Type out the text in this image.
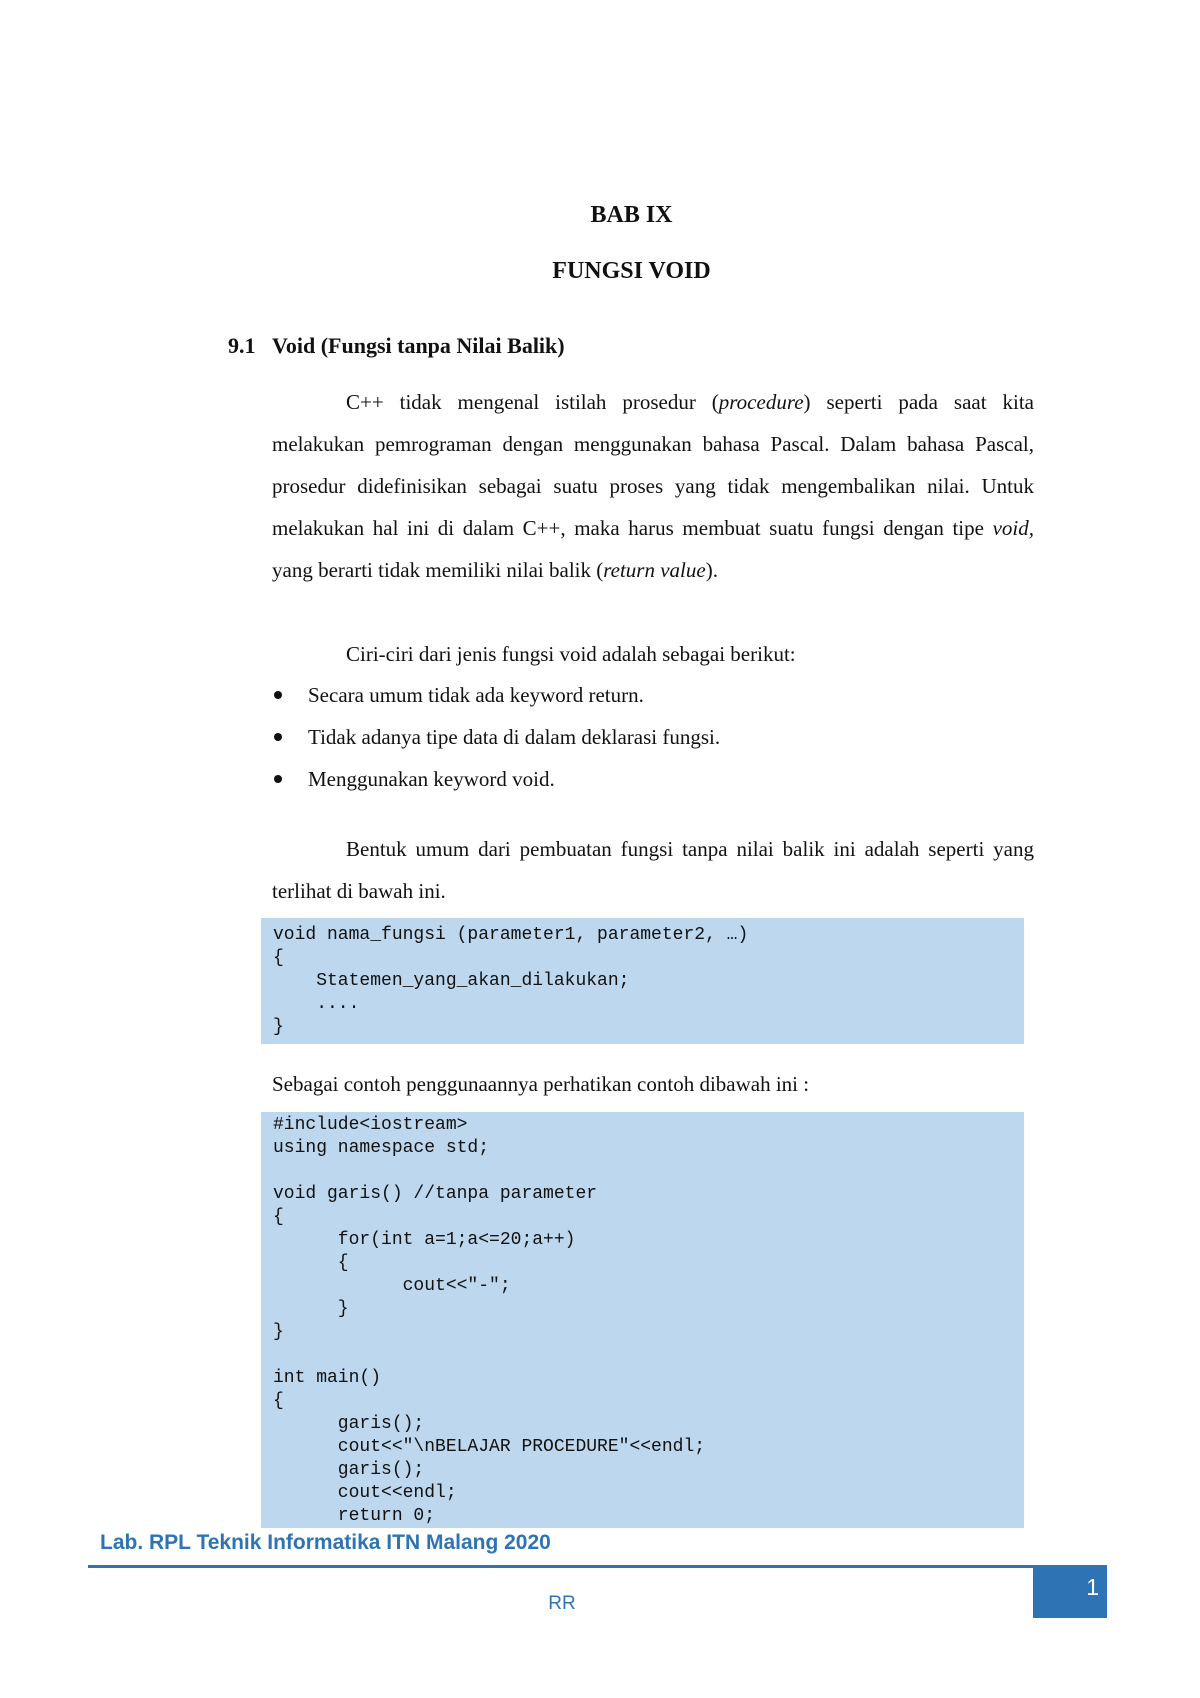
BAB IX
FUNGSI VOID
9.1 Void (Fungsi tanpa Nilai Balik)

C++ tidak mengenal istilah prosedur (procedure) seperti pada saat kita melakukan pemrograman dengan menggunakan bahasa Pascal. Dalam bahasa Pascal, prosedur didefinisikan sebagai suatu proses yang tidak mengembalikan nilai. Untuk melakukan hal ini di dalam C++, maka harus membuat suatu fungsi dengan tipe void, yang berarti tidak memiliki nilai balik (return value).

Ciri-ciri dari jenis fungsi void adalah sebagai berikut:
Secara umum tidak ada keyword return.
Tidak adanya tipe data di dalam deklarasi fungsi.
Menggunakan keyword void.

Bentuk umum dari pembuatan fungsi tanpa nilai balik ini adalah seperti yang terlihat di bawah ini.

void nama_fungsi (parameter1, parameter2, …)
{
Statemen_yang_akan_dilakukan;
....
}
Sebagai contoh penggunaannya perhatikan contoh dibawah ini :
#include<iostream>
using namespace std;

void garis() //tanpa parameter
{
for(int a=1;a<=20;a++)
{
cout<<"-";
}
}

int main()
{
garis();
cout<<"\nBELAJAR PROCEDURE"<<endl;
garis();
cout<<endl;
return 0;
Lab. RPL Teknik Informatika ITN Malang 2020
RR
1
